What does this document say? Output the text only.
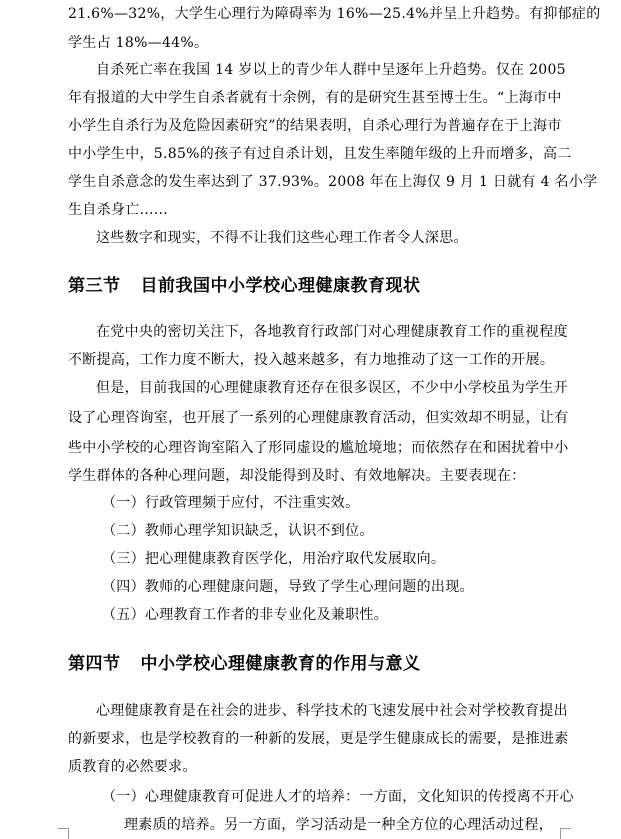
21.6%—32%，大学生心理行为障碍率为 16%—25.4%并呈上升趋势。有抑郁症的
学生占 18%—44%。
自杀死亡率在我国 14 岁以上的青少年人群中呈逐年上升趋势。仅在 2005
年有报道的大中学生自杀者就有十余例，有的是研究生甚至博士生。“上海市中
小学生自杀行为及危险因素研究”的结果表明，自杀心理行为普遍存在于上海市
中小学生中，5.85%的孩子有过自杀计划，且发生率随年级的上升而增多，高二
学生自杀意念的发生率达到了 37.93%。2008 年在上海仅 9 月 1 日就有 4 名小学
生自杀身亡……
这些数字和现实，不得不让我们这些心理工作者令人深思。
第三节 目前我国中小学校心理健康教育现状
在党中央的密切关注下，各地教育行政部门对心理健康教育工作的重视程度
不断提高，工作力度不断大，投入越来越多，有力地推动了这一工作的开展。
但是，目前我国的心理健康教育还存在很多误区，不少中小学校虽为学生开
设了心理咨询室，也开展了一系列的心理健康教育活动，但实效却不明显，让有
些中小学校的心理咨询室陷入了形同虚设的尴尬境地；而依然存在和困扰着中小
学生群体的各种心理问题，却没能得到及时、有效地解决。主要表现在：
（一）行政管理频于应付，不注重实效。
（二）教师心理学知识缺乏，认识不到位。
（三）把心理健康教育医学化，用治疗取代发展取向。
（四）教师的心理健康问题，导致了学生心理问题的出现。
（五）心理教育工作者的非专业化及兼职性。
第四节 中小学校心理健康教育的作用与意义
心理健康教育是在社会的进步、科学技术的飞速发展中社会对学校教育提出
的新要求，也是学校教育的一种新的发展，更是学生健康成长的需要，是推进素
质教育的必然要求。
（一）心理健康教育可促进人才的培养：一方面，文化知识的传授离不开心
理素质的培养。另一方面，学习活动是一种全方位的心理活动过程，
